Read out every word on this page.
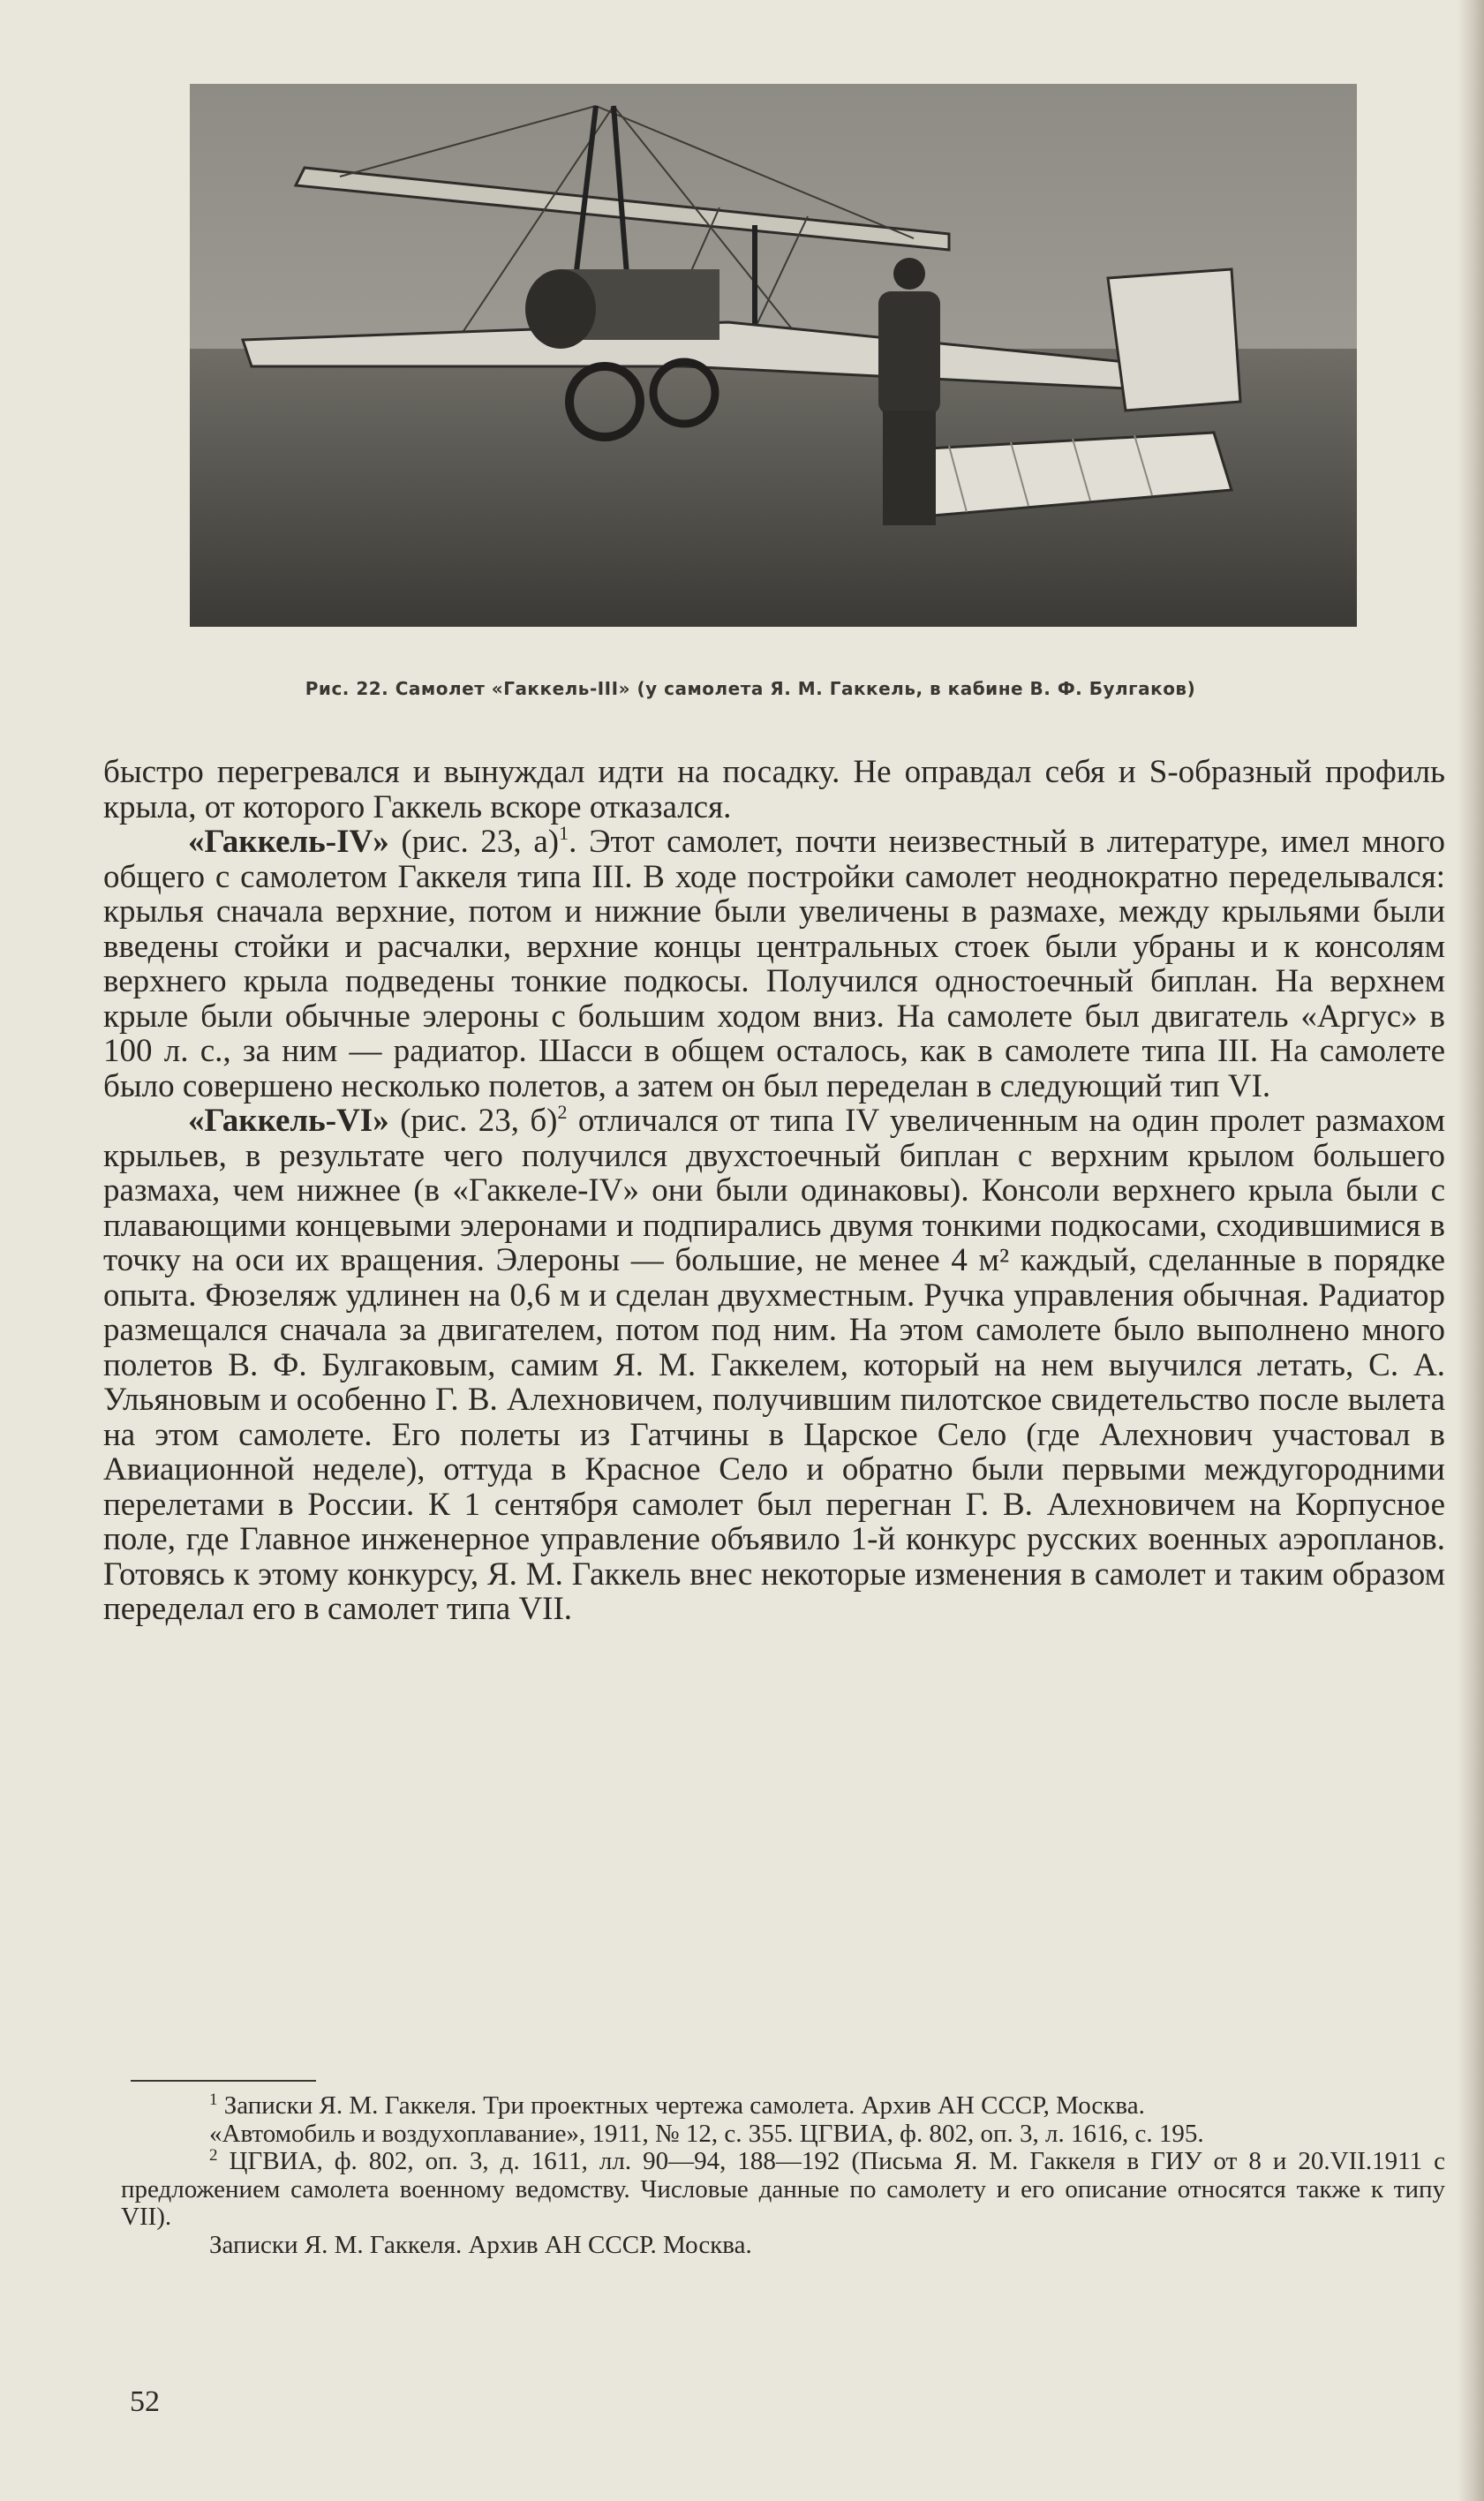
Рис. 22. Самолет «Гаккель-III» (у самолета Я. М. Гаккель, в кабине В. Ф. Булгаков)

быстро перегревался и вынуждал идти на посадку. Не оправдал себя и S-образный профиль крыла, от которого Гаккель вскоре отказался.

«Гаккель-IV» (рис. 23, а)$^1$. Этот самолет, почти неизвестный в литературе, имел много общего с самолетом Гаккеля типа III. В ходе постройки самолет неоднократно переделывался: крылья сначала верхние, потом и нижние были увеличены в размахе, между крыльями были введены стойки и расчалки, верхние концы центральных стоек были убраны и к консолям верхнего крыла подведены тонкие подкосы. Получился одностоечный биплан. На верхнем крыле были обычные элероны с большим ходом вниз. На самолете был двигатель «Аргус» в 100 л. с., за ним — радиатор. Шасси в общем осталось, как в самолете типа III. На самолете было совершено несколько полетов, а затем он был переделан в следующий тип VI.

«Гаккель-VI» (рис. 23, б)$^2$ отличался от типа IV увеличенным на один пролет размахом крыльев, в результате чего получился двухстоечный биплан с верхним крылом большего размаха, чем нижнее (в «Гаккеле-IV» они были одинаковы). Консоли верхнего крыла были с плавающими концевыми элеронами и подпирались двумя тонкими подкосами, сходившимися в точку на оси их вращения. Элероны — большие, не менее 4 м² каждый, сделанные в порядке опыта. Фюзеляж удлинен на 0,6 м и сделан двухместным. Ручка управления обычная. Радиатор размещался сначала за двигателем, потом под ним. На этом самолете было выполнено много полетов В. Ф. Булгаковым, самим Я. М. Гаккелем, который на нем выучился летать, С. А. Ульяновым и особенно Г. В. Алехновичем, получившим пилотское свидетельство после вылета на этом самолете. Его полеты из Гатчины в Царское Село (где Алехнович участовал в Авиационной неделе), оттуда в Красное Село и обратно были первыми междугородними перелетами в России. К 1 сентября самолет был перегнан Г. В. Алехновичем на Корпусное поле, где Главное инженерное управление объявило 1-й конкурс русских военных аэропланов. Готовясь к этому конкурсу, Я. М. Гаккель внес некоторые изменения в самолет и таким образом переделал его в самолет типа VII.

$^1$ Записки Я. М. Гаккеля. Три проектных чертежа самолета. Архив АН СССР, Москва.

«Автомобиль и воздухоплавание», 1911, № 12, с. 355. ЦГВИА, ф. 802, оп. 3, л. 1616, с. 195.

$^2$ ЦГВИА, ф. 802, оп. 3, д. 1611, лл. 90—94, 188—192 (Письма Я. М. Гаккеля в ГИУ от 8 и 20.VII.1911 с предложением самолета военному ведомству. Числовые данные по самолету и его описание относятся также к типу VII).

Записки Я. М. Гаккеля. Архив АН СССР. Москва.

52
